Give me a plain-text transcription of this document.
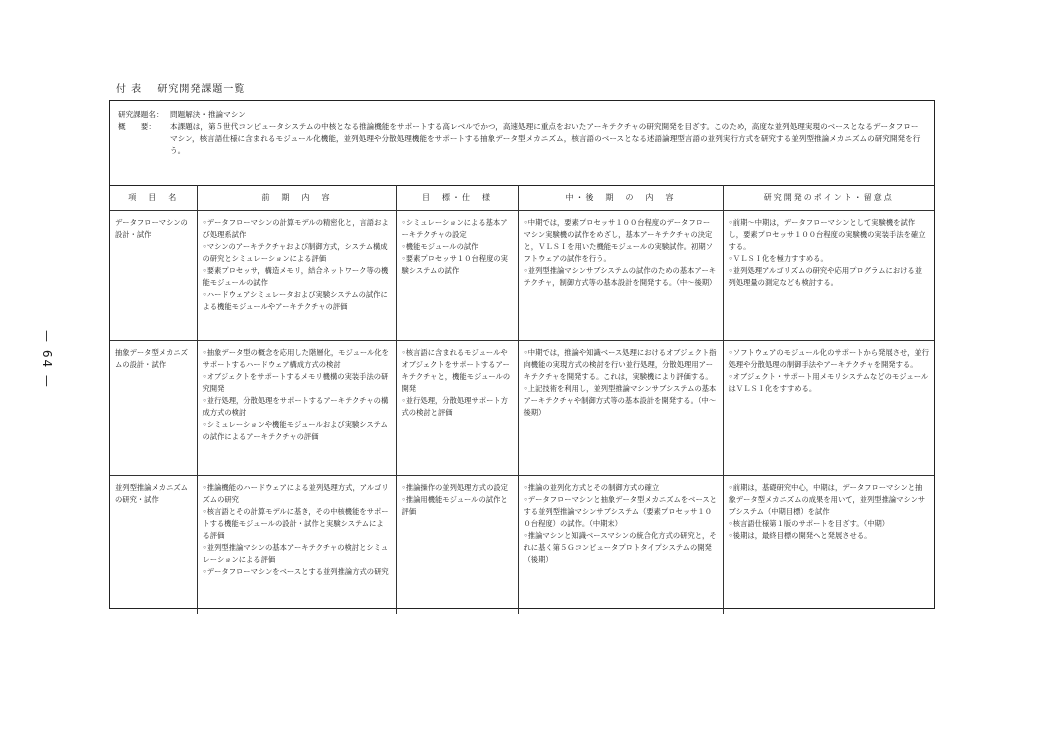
付 表　 研究開発課題一覧
— 64 —
研究課題名： 問題解決・推論マシン
概　　要：	本課題は，第５世代コンピュータシステムの中核となる推論機能をサポートする高レベルでかつ，高速処理に重点をおいたアーキテクチャの研究開発を目ざす。このため，高度な並列処理実現のベースとなるデータフローマシン，核言語仕様に含まれるモジュール化機能，並列処理や分散処理機能をサポートする抽象データ型メカニズム，核言語のベースとなる述語論理型言語の並列実行方式を研究する並列型推論メカニズムの研究開発を行う。
項　目　名	前　期　内　容	目　標・仕　様	中・後　期　の　内　容	研究開発のポイント・留意点
データフローマシンの設計・試作	◦データフローマシンの計算モデルの精密化と，言語および処理系試作
◦マシンのアーキテクチャおよび制御方式，システム構成の研究とシミュレーションによる評価
◦要素プロセッサ，構造メモリ，結合ネットワーク等の機能モジュールの試作
◦ハードウェアシミュレータおよび実験システムの試作による機能モジュールやアーキテクチャの評価	◦シミュレーションによる基本アーキテクチャの設定
◦機能モジュールの試作
◦要素プロセッサ１０台程度の実験システムの試作	◦中期では，要素プロセッサ１００台程度のデータフローマシン実験機の試作をめざし，基本アーキテクチャの決定と，ＶＬＳＩを用いた機能モジュールの実験試作。初期ソフトウェアの試作を行う。
◦並列型推論マシンサブシステムの試作のための基本アーキテクチャ，制御方式等の基本設計を開発する。（中～後期）	◦前期～中期は，データフローマシンとして実験機を試作し，要素プロセッサ１００台程度の実験機の実装手法を確立する。
◦ＶＬＳＩ化を極力すすめる。
◦並列処理アルゴリズムの研究や応用プログラムにおける並列処理量の測定なども検討する。

抽象データ型メカニズムの設計・試作	◦抽象データ型の概念を応用した階層化，モジュール化をサポートするハードウェア構成方式の検討
◦オブジェクトをサポートするメモリ機構の実装手法の研究開発
◦並行処理，分散処理をサポートするアーキテクチャの構成方式の検討
◦シミュレーションや機能モジュールおよび実験システムの試作によるアーキテクチャの評価	◦核言語に含まれるモジュールやオブジェクトをサポートするアーキテクチャと，機能モジュールの開発
◦並行処理，分散処理サポート方式の検討と評価	◦中期では，推論や知識ベース処理におけるオブジェクト指向機能の実現方式の検討を行い並行処理，分散処理用アーキテクチャを開発する。これは，実験機により評価する。
◦上記技術を利用し，並列型推論マシンサブシステムの基本アーキテクチャや制御方式等の基本設計を開発する。（中～後期）	◦ソフトウェアのモジュール化のサポートから発展させ，並行処理や分散処理の制御手法やアーキテクチャを開発する。
◦オブジェクト・サポート用メモリシステムなどのモジュールはＶＬＳＩ化をすすめる。

並列型推論メカニズムの研究・試作	◦推論機能のハードウェアによる並列処理方式，アルゴリズムの研究
◦核言語とその計算モデルに基き，その中核機能をサポートする機能モジュールの設計・試作と実験システムによる評価
◦並列型推論マシンの基本アーキテクチャの検討とシミュレーションによる評価
◦データフローマシンをベースとする並列推論方式の研究	◦推論操作の並列処理方式の設定
◦推論用機能モジュールの試作と評価	◦推論の並列化方式とその制御方式の確立
◦データフローマシンと抽象データ型メカニズムをベースとする並列型推論マシンサブシステム（要素プロセッサ１００台程度）の試作。（中期末）
◦推論マシンと知識ベースマシンの統合化方式の研究と，それに基く第５Ｇコンピュータプロトタイプシステムの開発 （後期）	◦前期は，基礎研究中心，中期は，データフローマシンと抽象データ型メカニズムの成果を用いて，並列型推論マシンサブシステム（中期目標）を試作
◦核言語仕様第１版のサポートを目ざす。（中期）
◦後期は，最終目標の開発へと発展させる。
